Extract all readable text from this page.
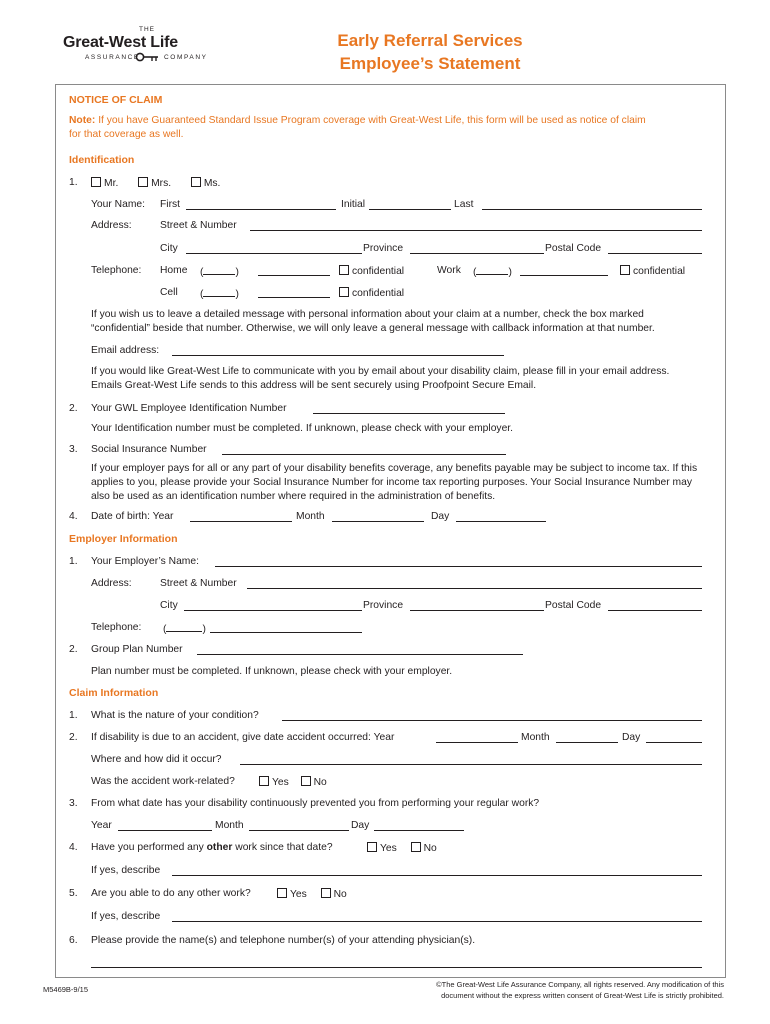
THE
Great-West Life
ASSURANCE	COMPANY
Early Referral Services
Employee’s Statement
NOTICE OF CLAIM
Note: If you have Guaranteed Standard Issue Program coverage with Great-West Life, this form will be used as notice of claim
for that coverage as well.
Identification
1.	Mr.	Mrs.	Ms.
Your Name: First	Initial	Last
Address:	Street & Number
City	Province	Postal Code
Telephone: Home (	)	confidential	Work (	)	confidential
Cell (	)	confidential
If you wish us to leave a detailed message with personal information about your claim at a number, check the box marked “confidential” beside that number. Otherwise, we will only leave a general message with callback information at that number.
Email address:
If you would like Great-West Life to communicate with you by email about your disability claim, please fill in your email address. Emails Great-West Life sends to this address will be sent securely using Proofpoint Secure Email.
2. Your GWL Employee Identification Number
Your Identification number must be completed. If unknown, please check with your employer.
3. Social Insurance Number
If your employer pays for all or any part of your disability benefits coverage, any benefits payable may be subject to income tax. If this applies to you, please provide your Social Insurance Number for income tax reporting purposes. Your Social Insurance Number may also be used as an identification number where required in the administration of benefits.
4. Date of birth: Year	Month	Day
Employer Information
1. Your Employer’s Name:
Address:	Street & Number
City	Province	Postal Code
Telephone: (	)
2. Group Plan Number
Plan number must be completed. If unknown, please check with your employer.
Claim Information
1. What is the nature of your condition?
2. If disability is due to an accident, give date accident occurred: Year	Month	Day
Where and how did it occur?
Was the accident work-related?	Yes No
3. From what date has your disability continuously prevented you from performing your regular work?
Year	Month	Day
4. Have you performed any other work since that date?	Yes	No
If yes, describe
5. Are you able to do any other work?	Yes	No
If yes, describe
6. Please provide the name(s) and telephone number(s) of your attending physician(s).
M5469B-9/15
©The Great-West Life Assurance Company, all rights reserved. Any modification of this
document without the express written consent of Great-West Life is strictly prohibited.
